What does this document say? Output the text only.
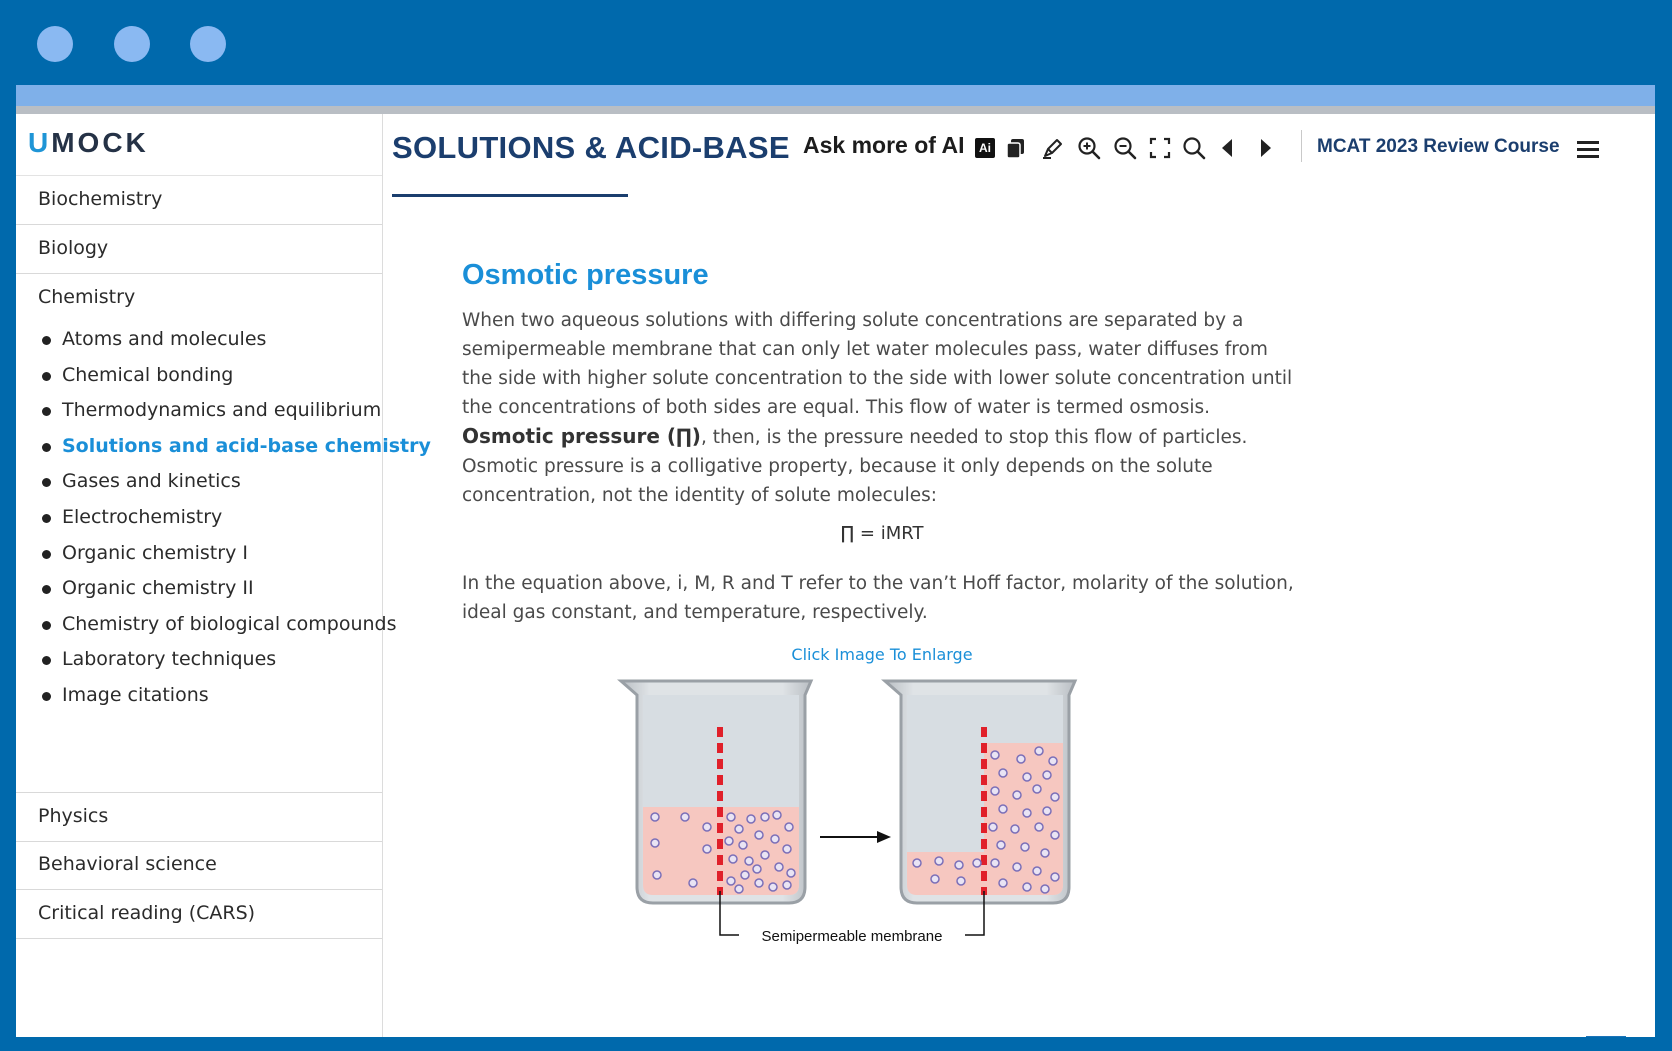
UMOCK
Biochemistry
Biology
Chemistry
Atoms and molecules
Chemical bonding
Thermodynamics and equilibrium
Solutions and acid-base chemistry
Gases and kinetics
Electrochemistry
Organic chemistry I
Organic chemistry II
Chemistry of biological compounds
Laboratory techniques
Image citations
Physics
Behavioral science
Critical reading (CARS)
SOLUTIONS & ACID-BASE Ask more of AI	Ai	MCAT 2023 Review Course
Osmotic pressure
When two aqueous solutions with differing solute concentrations are separated by a semipermeable membrane that can only let water molecules pass, water diffuses from the side with higher solute concentration to the side with lower solute concentration until the concentrations of both sides are equal. This flow of water is termed osmosis. Osmotic pressure (∏), then, is the pressure needed to stop this flow of particles. Osmotic pressure is a colligative property, because it only depends on the solute concentration, not the identity of solute molecules:
∏ = iMRT
In the equation above, i, M, R and T refer to the van’t Hoff factor, molarity of the solution, ideal gas constant, and temperature, respectively.
Click Image To Enlarge
Semipermeable membrane
